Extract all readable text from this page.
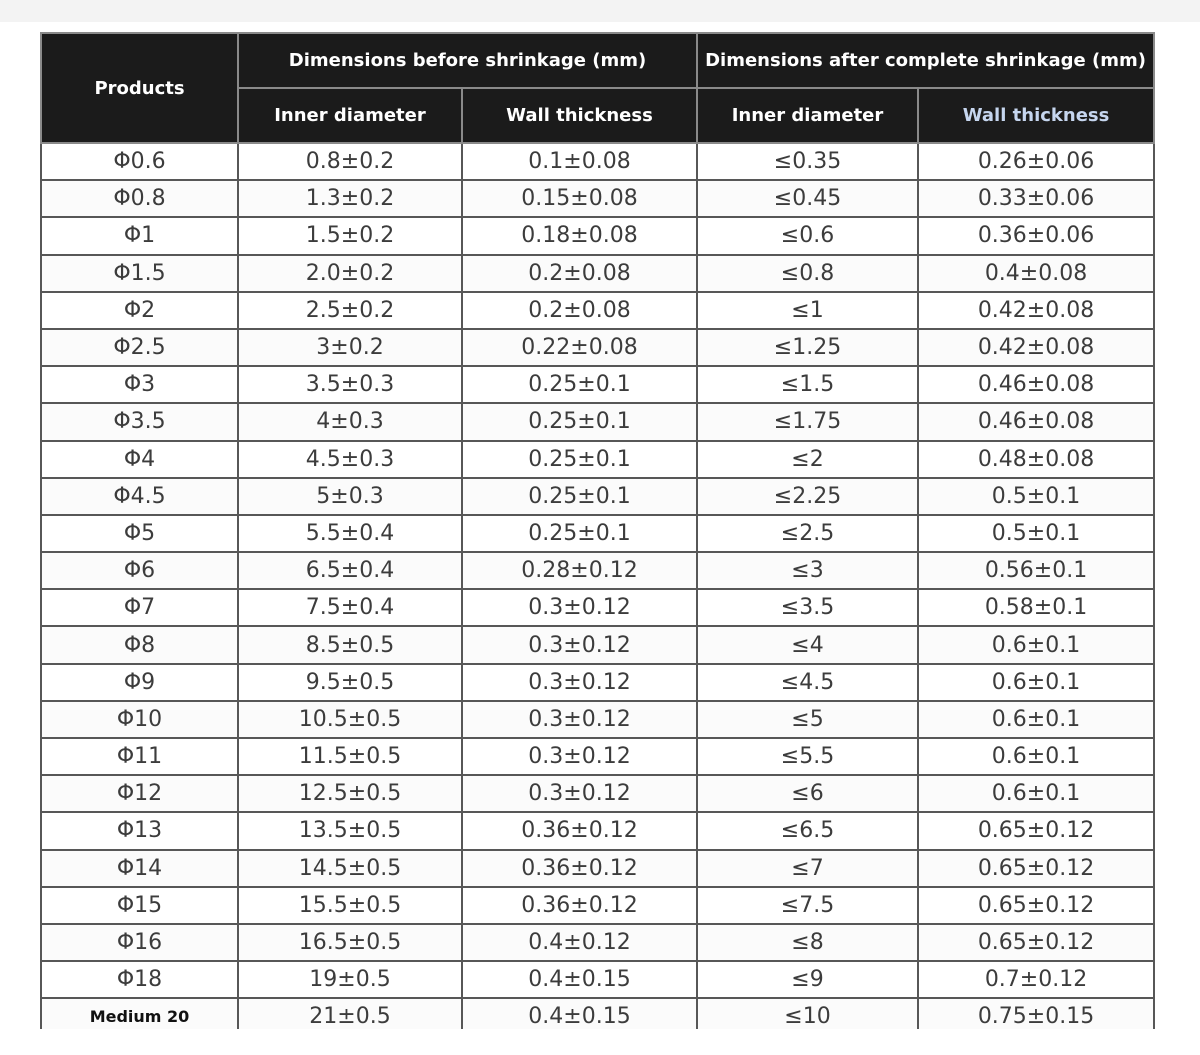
Products	Dimensions before shrinkage (mm)		Dimensions after complete shrinkage (mm)	
	Inner diameter	Wall thickness	Inner diameter	Wall thickness
Φ0.6	0.8±0.2	0.1±0.08	≤0.35	0.26±0.06
Φ0.8	1.3±0.2	0.15±0.08	≤0.45	0.33±0.06
Φ1	1.5±0.2	0.18±0.08	≤0.6	0.36±0.06
Φ1.5	2.0±0.2	0.2±0.08	≤0.8	0.4±0.08
Φ2	2.5±0.2	0.2±0.08	≤1	0.42±0.08
Φ2.5	3±0.2	0.22±0.08	≤1.25	0.42±0.08
Φ3	3.5±0.3	0.25±0.1	≤1.5	0.46±0.08
Φ3.5	4±0.3	0.25±0.1	≤1.75	0.46±0.08
Φ4	4.5±0.3	0.25±0.1	≤2	0.48±0.08
Φ4.5	5±0.3	0.25±0.1	≤2.25	0.5±0.1
Φ5	5.5±0.4	0.25±0.1	≤2.5	0.5±0.1
Φ6	6.5±0.4	0.28±0.12	≤3	0.56±0.1
Φ7	7.5±0.4	0.3±0.12	≤3.5	0.58±0.1
Φ8	8.5±0.5	0.3±0.12	≤4	0.6±0.1
Φ9	9.5±0.5	0.3±0.12	≤4.5	0.6±0.1
Φ10	10.5±0.5	0.3±0.12	≤5	0.6±0.1
Φ11	11.5±0.5	0.3±0.12	≤5.5	0.6±0.1
Φ12	12.5±0.5	0.3±0.12	≤6	0.6±0.1
Φ13	13.5±0.5	0.36±0.12	≤6.5	0.65±0.12
Φ14	14.5±0.5	0.36±0.12	≤7	0.65±0.12
Φ15	15.5±0.5	0.36±0.12	≤7.5	0.65±0.12
Φ16	16.5±0.5	0.4±0.12	≤8	0.65±0.12
Φ18	19±0.5	0.4±0.15	≤9	0.7±0.12
Medium 20	21±0.5	0.4±0.15	≤10	0.75±0.15
